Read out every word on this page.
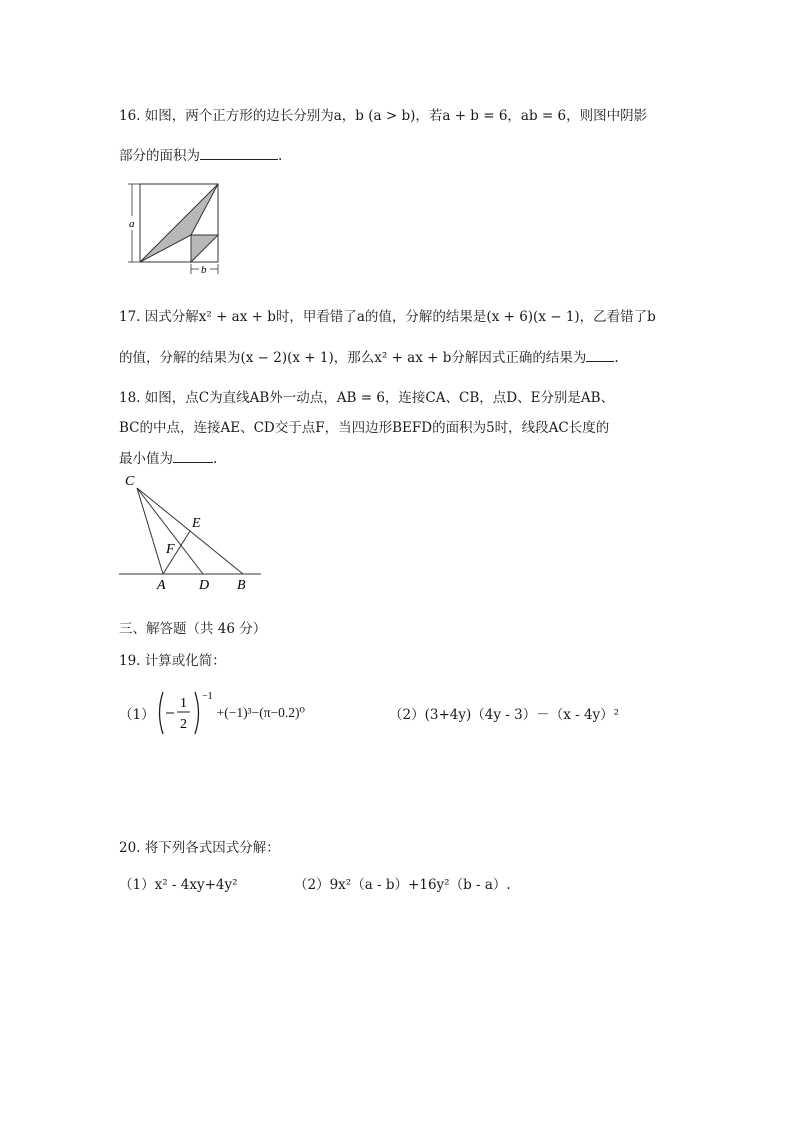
16. 如图，两个正方形的边长分别为a，b (a > b)，若a + b = 6，ab = 6，则图中阴影
部分的面积为	.
a
b
17. 因式分解x² + ax + b时，甲看错了a的值，分解的结果是(x + 6)(x − 1)，乙看错了b
的值，分解的结果为(x − 2)(x + 1)，那么x² + ax + b分解因式正确的结果为 .
18. 如图，点C为直线AB外一动点，AB = 6，连接CA、CB，点D、E分别是AB、
BC的中点，连接AE、CD交于点F，当四边形BEFD的面积为5时，线段AC长度的
最小值为	.
C
E
F
A D B
三、解答题（共 46 分）
19. 计算或化简：
（1）
1
2
−1
+(−1)³−(π−0.2)⁰	（2）(3+4y)（4y - 3）－（x - 4y）²
20. 将下列各式因式分解：
（1）x² - 4xy+4y²	（2）9x²（a - b）+16y²（b - a）.
